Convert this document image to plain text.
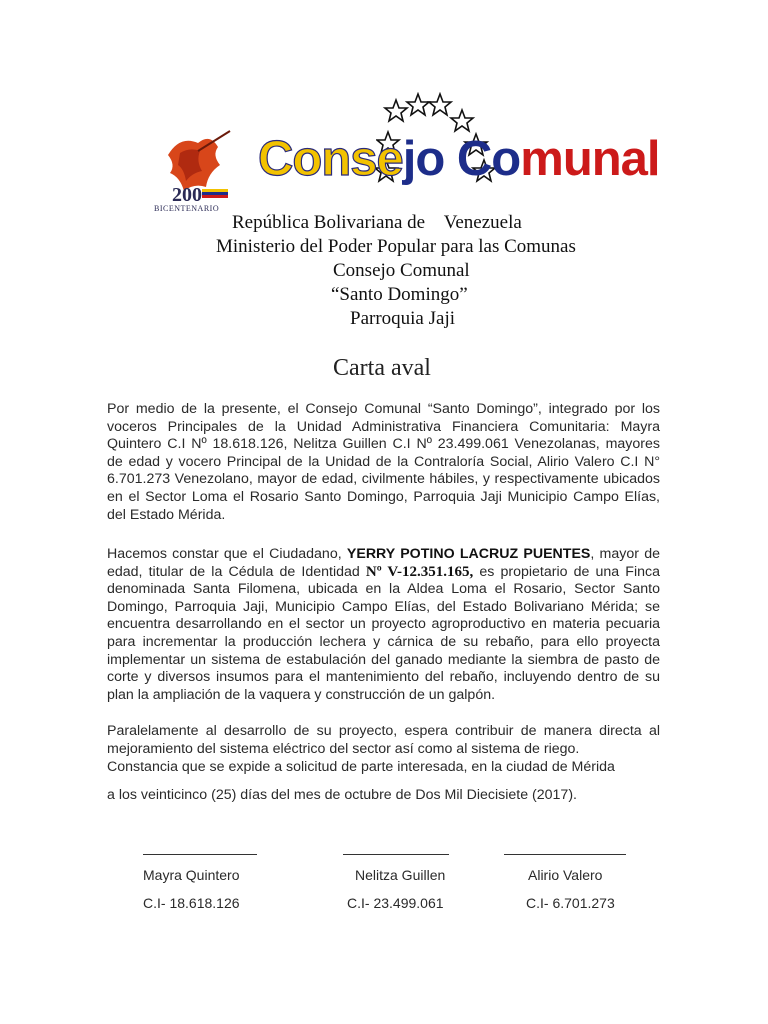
200
BICENTENARIO
Consejo Comunal
República Bolivariana de    Venezuela
Ministerio del Poder Popular para las Comunas
Consejo Comunal
“Santo Domingo”
Parroquia Jaji
Carta aval
Por medio de la presente, el Consejo Comunal “Santo Domingo”, integrado por los voceros Principales de la Unidad Administrativa Financiera Comunitaria: Mayra Quintero C.I Nº 18.618.126, Nelitza Guillen C.I Nº 23.499.061 Venezolanas, mayores de edad y vocero Principal de la Unidad de la Contraloría Social, Alirio Valero C.I N° 6.701.273 Venezolano, mayor de edad, civilmente hábiles, y respectivamente ubicados en el Sector Loma el Rosario Santo Domingo, Parroquia Jaji Municipio Campo Elías, del Estado Mérida.
Hacemos constar que el Ciudadano, YERRY POTINO LACRUZ PUENTES, mayor de edad, titular de la Cédula de Identidad Nº V-12.351.165, es propietario de una Finca denominada Santa Filomena, ubicada en la Aldea Loma el Rosario, Sector Santo Domingo, Parroquia Jaji, Municipio Campo Elías, del Estado Bolivariano Mérida; se encuentra desarrollando en el sector un proyecto agroproductivo en materia pecuaria para incrementar la producción lechera y cárnica de su rebaño, para ello proyecta implementar un sistema de estabulación del ganado mediante la siembra de pasto de corte y diversos insumos para el mantenimiento del rebaño, incluyendo dentro de su plan la ampliación de la vaquera y construcción de un galpón.
Paralelamente al desarrollo de su proyecto, espera contribuir de manera directa al mejoramiento del sistema eléctrico del sector así como al sistema de riego.
Constancia que se expide a solicitud de parte interesada, en la ciudad de Mérida
a los veinticinco (25) días del mes de octubre de Dos Mil Diecisiete (2017).
Mayra Quintero	Nelitza Guillen	Alirio Valero
C.I- 18.618.126	C.I- 23.499.061	C.I- 6.701.273
